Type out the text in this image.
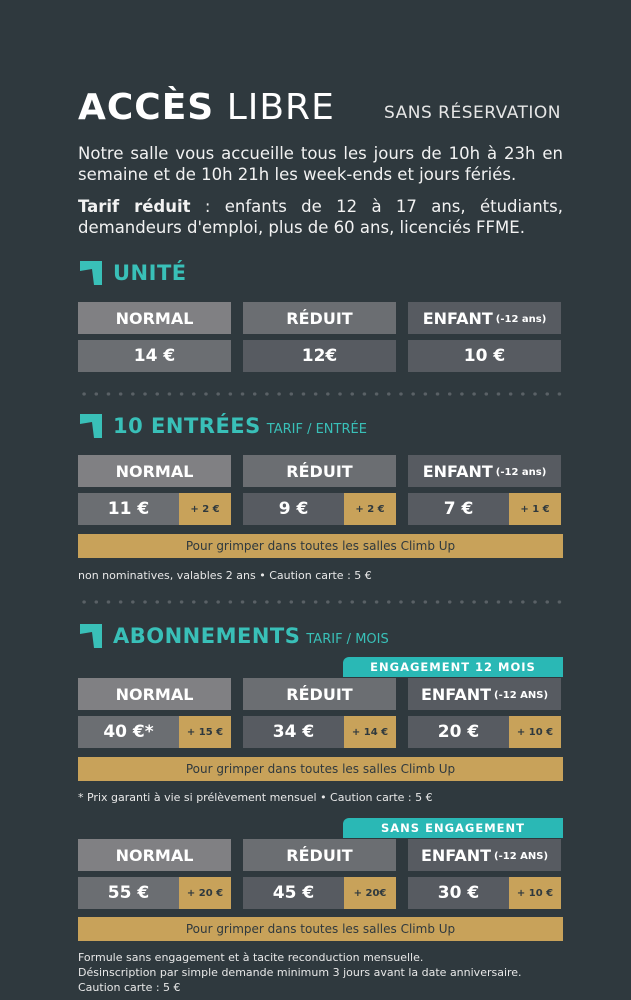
ACCÈS LIBRE	SANS RÉSERVATION

Notre salle vous accueille tous les jours de 10h à 23h en semaine et de 10h 21h les week-ends et jours fériés.

Tarif réduit : enfants de 12 à 17 ans, étudiants, demandeurs d'emploi, plus de 60 ans, licenciés FFME.

UNITÉ
NORMAL	RÉDUIT	ENFANT (-12 ans)
14 €	12€	10 €
10 ENTRÉES TARIF / ENTRÉE
NORMAL	RÉDUIT	ENFANT (-12 ans)
11 €	+ 2 €	9 €	+ 2 €	7 €	+ 1 €
Pour grimper dans toutes les salles Climb Up
non nominatives, valables 2 ans • Caution carte : 5 €
ABONNEMENTS TARIF / MOIS
ENGAGEMENT 12 MOIS
NORMAL	RÉDUIT	ENFANT (-12 ANS)
40 €*	+ 15 €	34 €	+ 14 €	20 €	+ 10 €
Pour grimper dans toutes les salles Climb Up
* Prix garanti à vie si prélèvement mensuel • Caution carte : 5 €
SANS ENGAGEMENT
NORMAL	RÉDUIT	ENFANT (-12 ANS)
55 €	+ 20 €	45 €	+ 20€	30 €	+ 10 €
Pour grimper dans toutes les salles Climb Up
Formule sans engagement et à tacite reconduction mensuelle.
Désinscription par simple demande minimum 3 jours avant la date anniversaire.
Caution carte : 5 €
